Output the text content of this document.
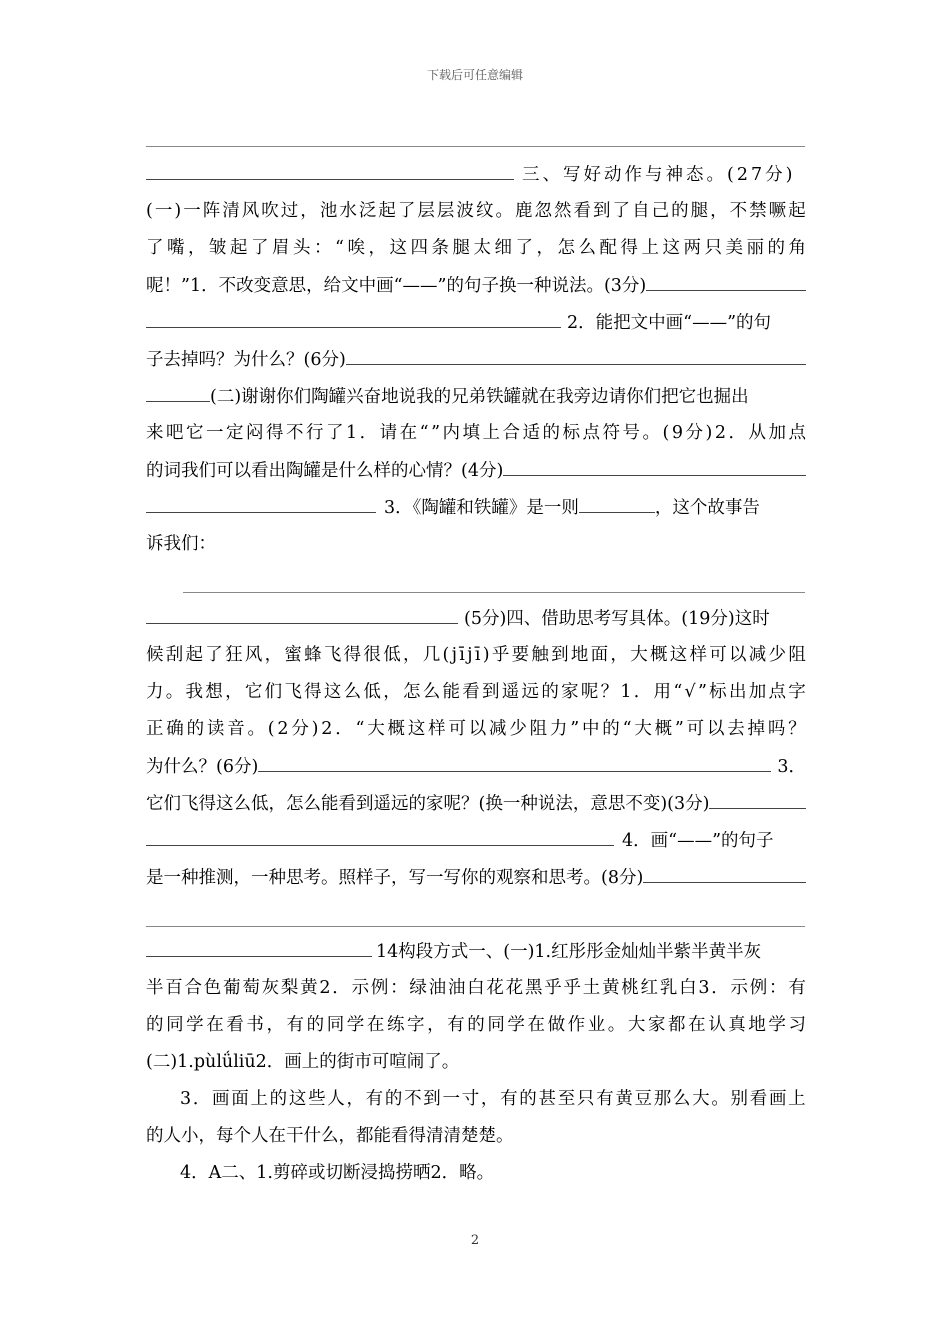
下载后可任意编辑
三、写好动作与神态。(27分)
( 一 ) 一 阵 清 风 吹 过 ， 池 水 泛 起 了 层 层 波 纹 。 鹿 忽 然 看 到 了 自 己 的 腿 ， 不 禁 噘 起
了 嘴 ， 皱 起 了 眉 头 ： “ 唉 ， 这 四 条 腿 太 细 了 ， 怎 么 配 得 上 这 两 只 美 丽 的 角
呢！”1．不改变意思，给文中画“——”的句子换一种说法。(3分)
2．能把文中画“——”的句
子去掉吗？为什么？(6分)
(二)谢谢你们陶罐兴奋地说我的兄弟铁罐就在我旁边请你们把它也掘出
来 吧 它 一 定 闷 得 不 行 了 1 ． 请 在 “ ” 内 填 上 合 适 的 标 点 符 号 。 ( 9 分 ) 2 ． 从 加 点
的词我们可以看出陶罐是什么样的心情？(4分)
3．《陶罐和铁罐》是一则	，这个故事告
诉我们：
(5分)四、借助思考写具体。(19分)这时
候 刮 起 了 狂 风 ， 蜜 蜂 飞 得 很 低 ， 几 ( j ī j ī ) 乎 要 触 到 地 面 ， 大 概 这 样 可 以 减 少 阻
力 。 我 想 ， 它 们 飞 得 这 么 低 ， 怎 么 能 看 到 遥 远 的 家 呢 ？ 1 ． 用 “ √ ” 标 出 加 点 字
正 确 的 读 音 。 ( 2 分 ) 2 ． “ 大 概 这 样 可 以 减 少 阻 力 ” 中 的 “ 大 概 ” 可 以 去 掉 吗 ？
为什么？(6分)	3．
它们飞得这么低，怎么能看到遥远的家呢？(换一种说法，意思不变)(3分)
4．画“——”的句子
是一种推测，一种思考。照样子，写一写你的观察和思考。(8分)
14构段方式一、(一)1.红彤彤金灿灿半紫半黄半灰
半 百 合 色 葡 萄 灰 梨 黄 2 ． 示 例 ： 绿 油 油 白 花 花 黑 乎 乎 土 黄 桃 红 乳 白 3 ． 示 例 ： 有
的 同 学 在 看 书 ， 有 的 同 学 在 练 字 ， 有 的 同 学 在 做 作 业 。 大 家 都 在 认 真 地 学 习
(二)1.pùlǘliū2．画上的街市可喧闹了。
3 ． 画 面 上 的 这 些 人 ， 有 的 不 到 一 寸 ， 有 的 甚 至 只 有 黄 豆 那 么 大 。 别 看 画 上
的人小，每个人在干什么，都能看得清清楚楚。
4．A二、1.剪碎或切断浸捣捞晒2．略。
2
